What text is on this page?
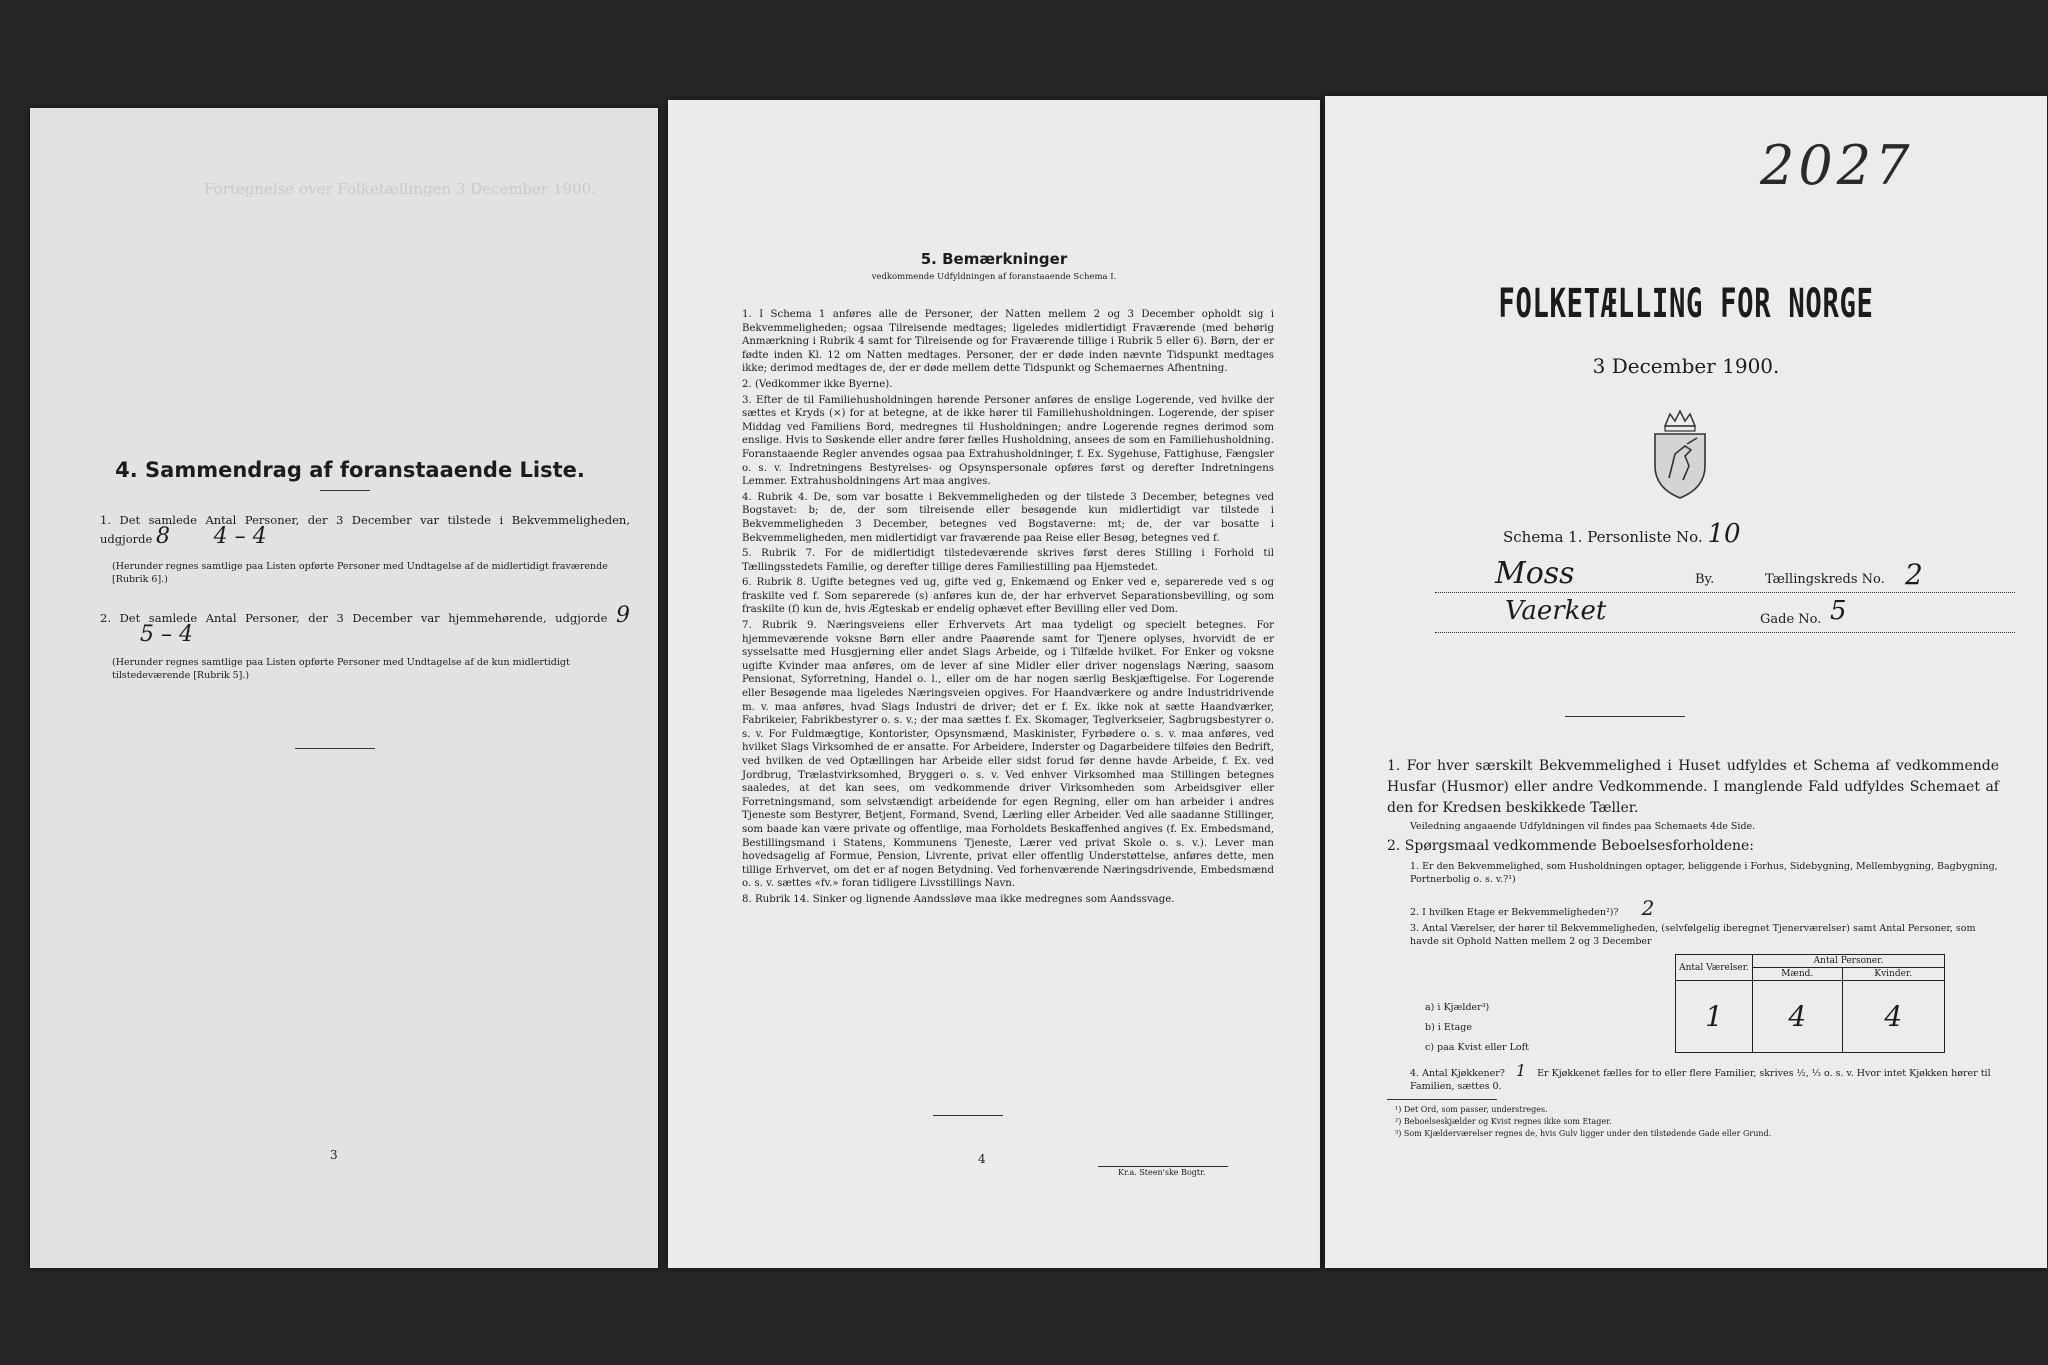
Fortegnelse over Folketællingen 3 December 1900.
4. Sammendrag af foranstaaende Liste.
1. Det samlede Antal Personer, der 3 December var tilstede i Bekvemmeligheden, udgjorde 8 4 – 4
(Herunder regnes samtlige paa Listen opførte Personer med Undtagelse af de midlertidigt fraværende [Rubrik 6].)
2. Det samlede Antal Personer, der 3 December var hjemmehørende, udgjorde 9 5 – 4
(Herunder regnes samtlige paa Listen opførte Personer med Undtagelse af de kun midlertidigt tilstedeværende [Rubrik 5].)
3
5. Bemærkninger
vedkommende Udfyldningen af foranstaaende Schema I.
1. I Schema 1 anføres alle de Personer, der Natten mellem 2 og 3 December opholdt sig i Bekvemmeligheden; ogsaa Tilreisende medtages; ligeledes midlertidigt Fraværende (med behørig Anmærkning i Rubrik 4 samt for Tilreisende og for Fraværende tillige i Rubrik 5 eller 6). Børn, der er fødte inden Kl. 12 om Natten medtages. Personer, der er døde inden nævnte Tidspunkt medtages ikke; derimod medtages de, der er døde mellem dette Tidspunkt og Schemaernes Afhentning.
2. (Vedkommer ikke Byerne).
3. Efter de til Familiehusholdningen hørende Personer anføres de enslige Logerende, ved hvilke der sættes et Kryds (×) for at betegne, at de ikke hører til Familiehusholdningen. Logerende, der spiser Middag ved Familiens Bord, medregnes til Husholdningen; andre Logerende regnes derimod som enslige. Hvis to Søskende eller andre fører fælles Husholdning, ansees de som en Familiehusholdning. Foranstaaende Regler anvendes ogsaa paa Extrahusholdninger, f. Ex. Sygehuse, Fattighuse, Fængsler o. s. v. Indretningens Bestyrelses- og Opsynspersonale opføres først og derefter Indretningens Lemmer. Extrahusholdningens Art maa angives.
4. Rubrik 4. De, som var bosatte i Bekvemmeligheden og der tilstede 3 December, betegnes ved Bogstavet: b; de, der som tilreisende eller besøgende kun midlertidigt var tilstede i Bekvemmeligheden 3 December, betegnes ved Bogstaverne: mt; de, der var bosatte i Bekvemmeligheden, men midlertidigt var fraværende paa Reise eller Besøg, betegnes ved f.
5. Rubrik 7. For de midlertidigt tilstedeværende skrives først deres Stilling i Forhold til Tællingsstedets Familie, og derefter tillige deres Familiestilling paa Hjemstedet.
6. Rubrik 8. Ugifte betegnes ved ug, gifte ved g, Enkemænd og Enker ved e, separerede ved s og fraskilte ved f. Som separerede (s) anføres kun de, der har erhvervet Separationsbevilling, og som fraskilte (f) kun de, hvis Ægteskab er endelig ophævet efter Bevilling eller ved Dom.
7. Rubrik 9. Næringsveiens eller Erhvervets Art maa tydeligt og specielt betegnes. For hjemmeværende voksne Børn eller andre Paaørende samt for Tjenere oplyses, hvorvidt de er sysselsatte med Husgjerning eller andet Slags Arbeide, og i Tilfælde hvilket. For Enker og voksne ugifte Kvinder maa anføres, om de lever af sine Midler eller driver nogenslags Næring, saasom Pensionat, Syforretning, Handel o. l., eller om de har nogen særlig Beskjæftigelse. For Logerende eller Besøgende maa ligeledes Næringsveien opgives. For Haandværkere og andre Industridrivende m. v. maa anføres, hvad Slags Industri de driver; det er f. Ex. ikke nok at sætte Haandværker, Fabrikeier, Fabrikbestyrer o. s. v.; der maa sættes f. Ex. Skomager, Teglverkseier, Sagbrugsbestyrer o. s. v. For Fuldmægtige, Kontorister, Opsynsmænd, Maskinister, Fyrbødere o. s. v. maa anføres, ved hvilket Slags Virksomhed de er ansatte. For Arbeidere, Inderster og Dagarbeidere tilføies den Bedrift, ved hvilken de ved Optællingen har Arbeide eller sidst forud før denne havde Arbeide, f. Ex. ved Jordbrug, Trælastvirksomhed, Bryggeri o. s. v. Ved enhver Virksomhed maa Stillingen betegnes saaledes, at det kan sees, om vedkommende driver Virksomheden som Arbeidsgiver eller Forretningsmand, som selvstændigt arbeidende for egen Regning, eller om han arbeider i andres Tjeneste som Bestyrer, Betjent, Formand, Svend, Lærling eller Arbeider. Ved alle saadanne Stillinger, som baade kan være private og offentlige, maa Forholdets Beskaffenhed angives (f. Ex. Embedsmand, Bestillingsmand i Statens, Kommunens Tjeneste, Lærer ved privat Skole o. s. v.). Lever man hovedsagelig af Formue, Pension, Livrente, privat eller offentlig Understøttelse, anføres dette, men tillige Erhvervet, om det er af nogen Betydning. Ved forhenværende Næringsdrivende, Embedsmænd o. s. v. sættes «fv.» foran tidligere Livsstillings Navn.
8. Rubrik 14. Sinker og lignende Aandssløve maa ikke medregnes som Aandssvage.
4
Kr.a. Steen'ske Bogtr.
2027
FOLKETÆLLING FOR NORGE
3 December 1900.
Schema 1. Personliste No. 10
Moss	By.	Tællingskreds No. 2
Vaerket	Gade No. 5
1. For hver særskilt Bekvemmelighed i Huset udfyldes et Schema af vedkommende Husfar (Husmor) eller andre Vedkommende. I manglende Fald udfyldes Schemaet af den for Kredsen beskikkede Tæller.
Veiledning angaaende Udfyldningen vil findes paa Schemaets 4de Side.
2. Spørgsmaal vedkommende Beboelsesforholdene:
1. Er den Bekvemmelighed, som Husholdningen optager, beliggende i Forhus, Sidebygning, Mellembygning, Bagbygning, Portnerbolig o. s. v.?¹)
2. I hvilken Etage er Bekvemmeligheden²)? 2
3. Antal Værelser, der hører til Bekvemmeligheden, (selvfølgelig iberegnet Tjenerværelser) samt Antal Personer, som havde sit Ophold Natten mellem 2 og 3 December
Antal Værelser.	Antal Personer.	
	Mænd.	Kvinder.
1	4	4
a) i Kjælder³)
b) i Etage
c) paa Kvist eller Loft
4. Antal Kjøkkener? 1 Er Kjøkkenet fælles for to eller flere Familier, skrives ½, ⅓ o. s. v. Hvor intet Kjøkken hører til Familien, sættes 0.
¹) Det Ord, som passer, understreges.
²) Beboelseskjælder og Kvist regnes ikke som Etager.
³) Som Kjælderværelser regnes de, hvis Gulv ligger under den tilstødende Gade eller Grund.
